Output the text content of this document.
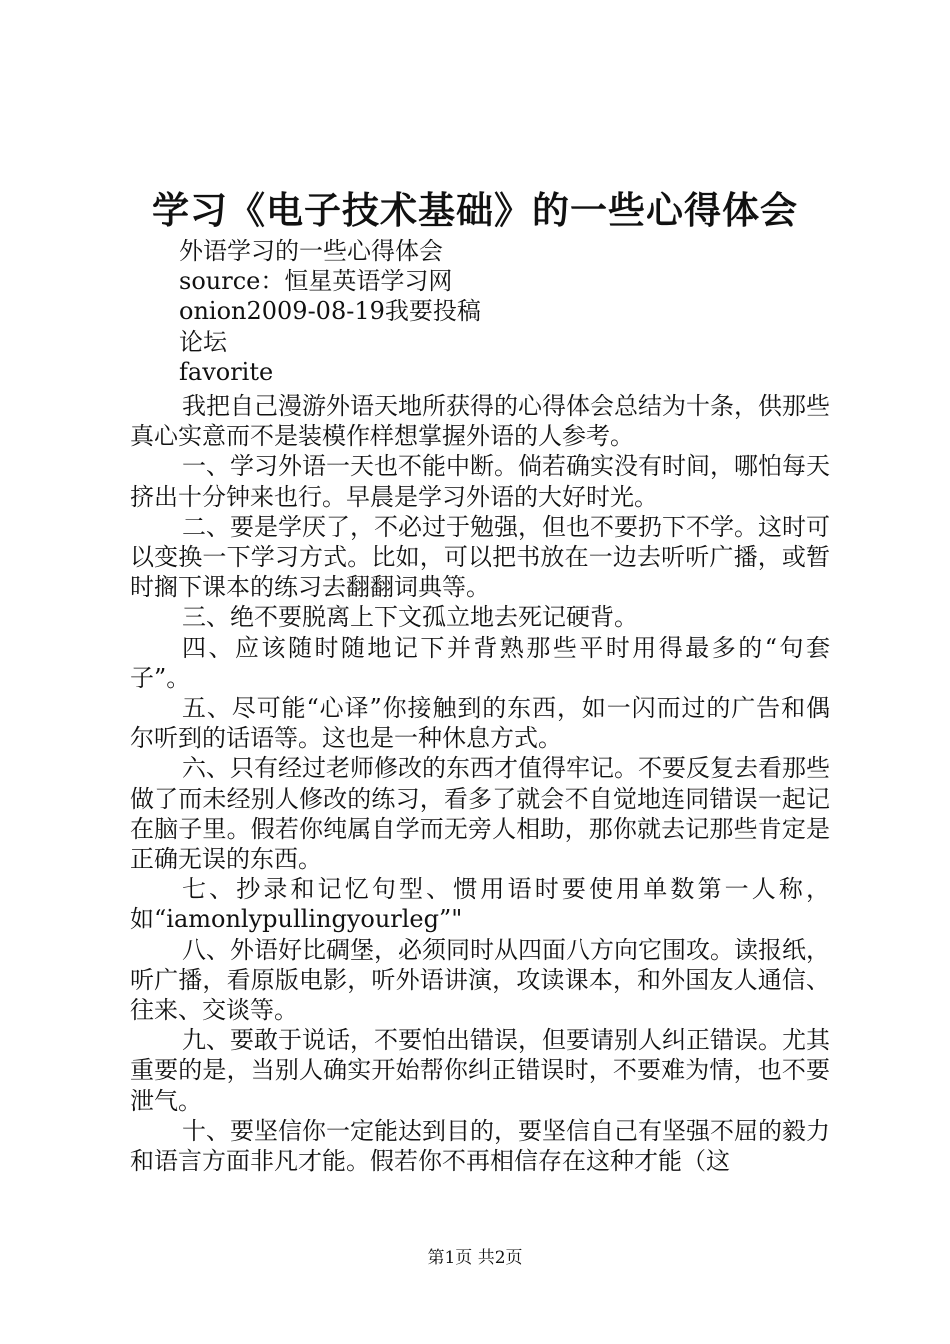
学习《电子技术基础》的一些心得体会
外语学习的一些心得体会
source：恒星英语学习网
onion2009-08-19我要投稿
论坛
favorite

我把自己漫游外语天地所获得的心得体会总结为十条，供那些真心实意而不是装模作样想掌握外语的人参考。

一、学习外语一天也不能中断。倘若确实没有时间，哪怕每天挤出十分钟来也行。早晨是学习外语的大好时光。

二、要是学厌了，不必过于勉强，但也不要扔下不学。这时可以变换一下学习方式。比如，可以把书放在一边去听听广播，或暂时搁下课本的练习去翻翻词典等。

三、绝不要脱离上下文孤立地去死记硬背。

四、应该随时随地记下并背熟那些平时用得最多的“句套子”。

五、尽可能“心译”你接触到的东西，如一闪而过的广告和偶尔听到的话语等。这也是一种休息方式。

六、只有经过老师修改的东西才值得牢记。不要反复去看那些做了而未经别人修改的练习，看多了就会不自觉地连同错误一起记在脑子里。假若你纯属自学而无旁人相助，那你就去记那些肯定是正确无误的东西。

七、抄录和记忆句型、惯用语时要使用单数第一人称，如“iamonlypullingyourleg”"

八、外语好比碉堡，必须同时从四面八方向它围攻。读报纸，听广播，看原版电影，听外语讲演，攻读课本，和外国友人通信、往来、交谈等。

九、要敢于说话，不要怕出错误，但要请别人纠正错误。尤其重要的是，当别人确实开始帮你纠正错误时，不要难为情，也不要泄气。

十、要坚信你一定能达到目的，要坚信自己有坚强不屈的毅力和语言方面非凡才能。假若你不再相信存在这种才能（这

第1页 共2页
